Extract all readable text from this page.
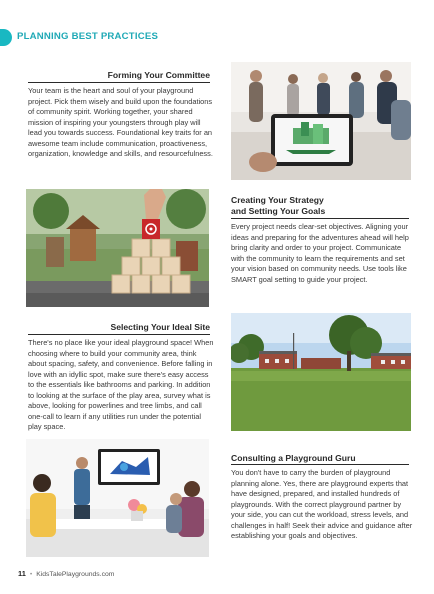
PLANNING BEST PRACTICES
Forming Your Committee
Your team is the heart and soul of your playground project. Pick them wisely and build upon the foundations of community spirit. Working together, your shared mission of inspiring your youngsters through play will lead you towards success. Foundational key traits for an awesome team include communication, proactiveness, organization, knowledge and skills, and resourcefulness.
Creating Your Strategy
and Setting Your Goals
Every project needs clear-set objectives. Aligning your ideas and preparing for the adventures ahead will help bring clarity and order to your project. Communicate with the community to learn the requirements and set your vision based on community needs. Use tools like SMART goal setting to guide your project.
Selecting Your Ideal Site
There's no place like your ideal playground space! When choosing where to build your community area, think about spacing, safety, and convenience. Before falling in love with an idyllic spot, make sure there's easy access to the essentials like bathrooms and parking. In addition to looking at the surface of the play area, survey what is above, looking for powerlines and tree limbs, and call one-call to learn if any utilities run under the potential play space.
Consulting a Playground Guru
You don't have to carry the burden of playground planning alone. Yes, there are playground experts that have designed, prepared, and installed hundreds of playgrounds. With the correct playground partner by your side, you can cut the workload, stress levels, and challenges in half! Seek their advice and guidance after establishing your goals and objectives.
11 • KidsTalePlaygrounds.com
